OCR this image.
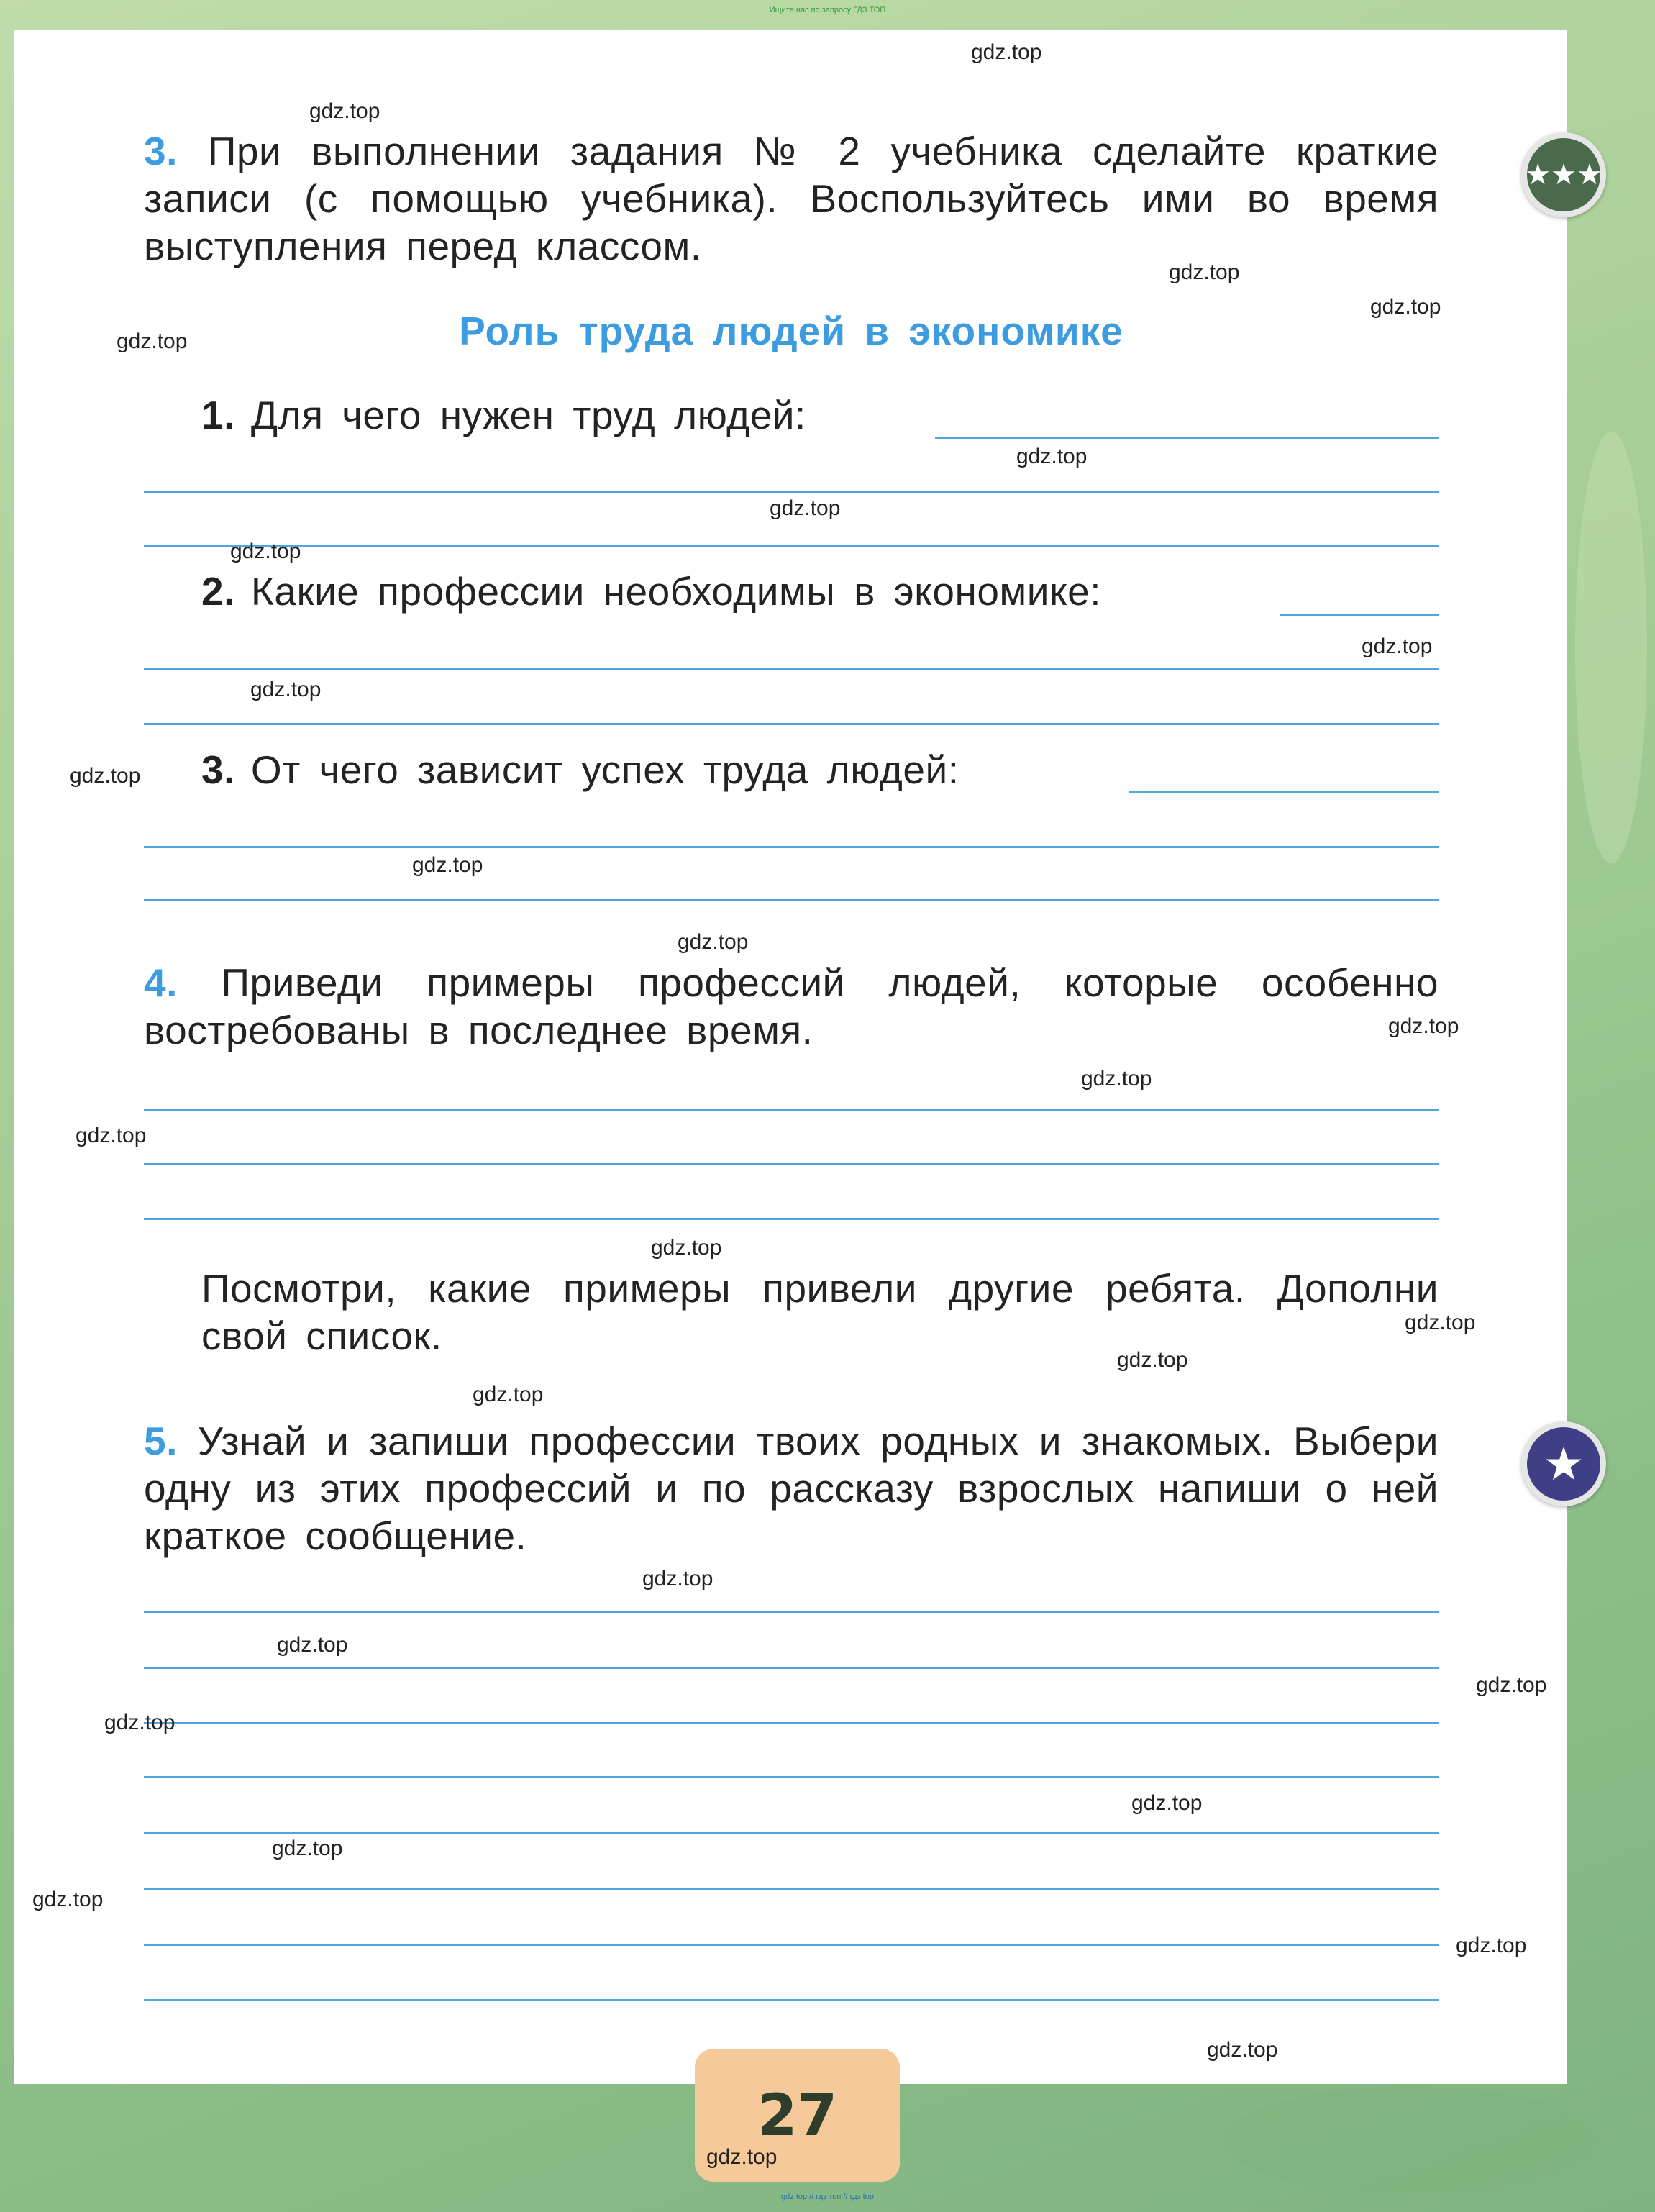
Ищите нас по запросу ГДЗ ТОП
3. При выполнении задания № 2 учебника сделайте краткие записи (с помощью учебника). Воспользуйтесь ими во время выступления перед классом.
Роль труда людей в экономике
1. Для чего нужен труд людей:
2. Какие профессии необходимы в экономике:
3. От чего зависит успех труда людей:
4. Приведи примеры профессий людей, которые особенно востребованы в последнее время.
Посмотри, какие примеры привели другие ребята. Дополни свой список.
5. Узнай и запиши профессии твоих родных и знакомых. Выбери одну из этих профессий и по рассказу взрослых напиши о ней краткое сообщение.
★★★
★
27
gdz.top
gdz.top
gdz.top
gdz.top
gdz.top
gdz.top
gdz.top
gdz.top
gdz.top
gdz.top
gdz.top
gdz.top
gdz.top
gdz.top
gdz.top
gdz.top
gdz.top
gdz.top
gdz.top
gdz.top
gdz.top
gdz.top
gdz.top
gdz.top
gdz.top
gdz.top
gdz.top
gdz.top
gdz.top
gdz.top
gdz top // гдз топ // гдз top
